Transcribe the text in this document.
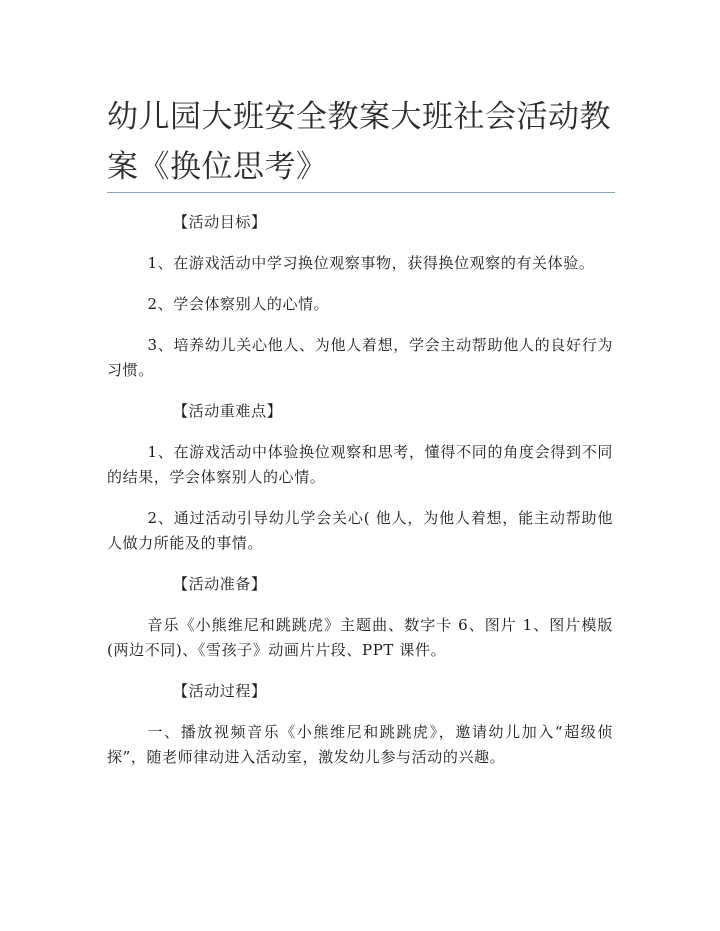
幼儿园大班安全教案大班社会活动教案《换位思考》

【活动目标】

1、在游戏活动中学习换位观察事物，获得换位观察的有关体验。

2、学会体察别人的心情。

3、培养幼儿关心他人、为他人着想，学会主动帮助他人的良好行为习惯。

【活动重难点】

1、在游戏活动中体验换位观察和思考，懂得不同的角度会得到不同的结果，学会体察别人的心情。

2、通过活动引导幼儿学会关心( 他人，为他人着想，能主动帮助他人做力所能及的事情。

【活动准备】

音乐《小熊维尼和跳跳虎》主题曲、数字卡 6、图片 1、图片模版(两边不同)、《雪孩子》动画片片段、PPT 课件。

【活动过程】

一、播放视频音乐《小熊维尼和跳跳虎》，邀请幼儿加入“超级侦探”，随老师律动进入活动室，激发幼儿参与活动的兴趣。
